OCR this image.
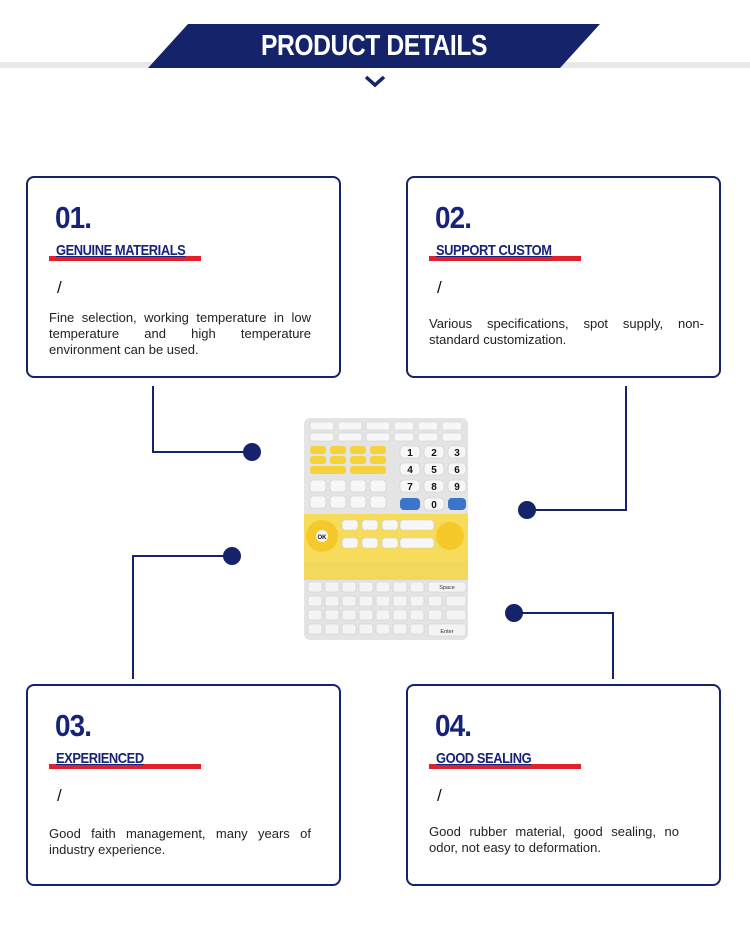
PRODUCT DETAILS
01.
GENUINE MATERIALS
/
Fine selection, working temperature in low temperature and high temperature environment can be used.
02.
SUPPORT CUSTOM
/
Various specifications, spot supply, non-standard customization.
03.
EXPERIENCED
/
Good faith management, many years of industry experience.
04.
GOOD SEALING
/
Good rubber material, good sealing, no odor, not easy to deformation.
1 2 3
4 5 6
7 8 9
0
OK
Space
Enter
